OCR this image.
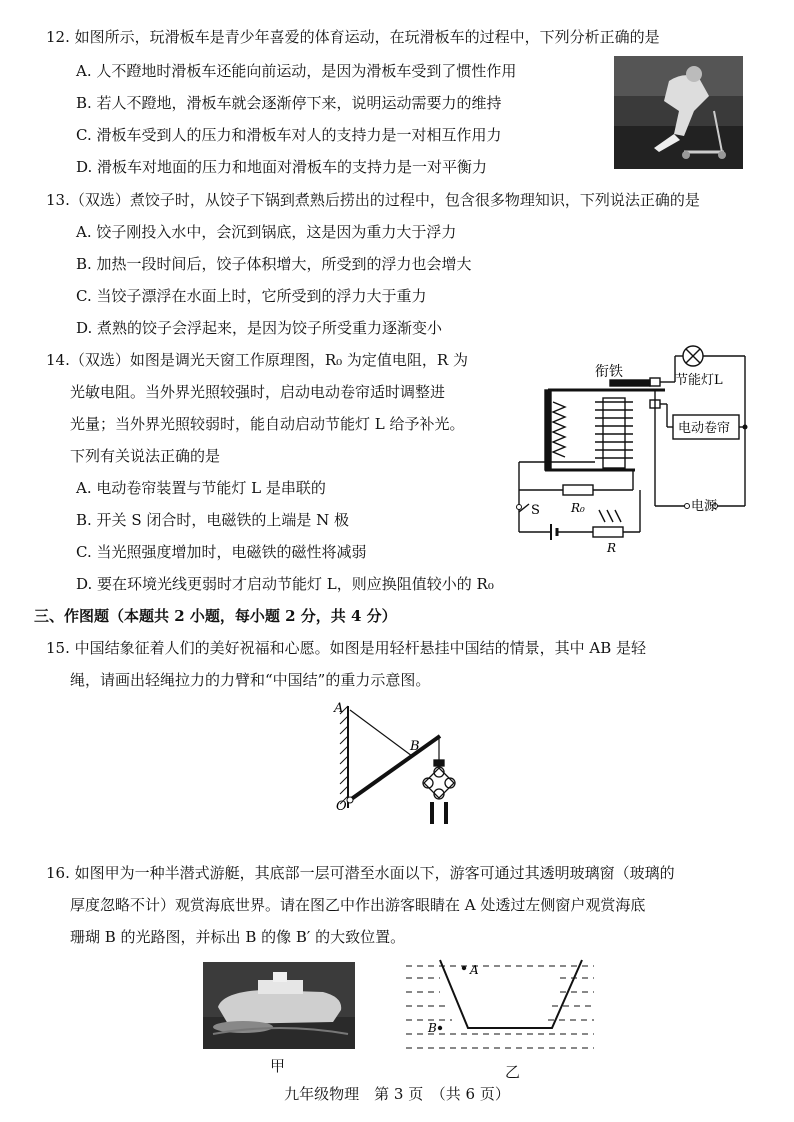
12. 如图所示，玩滑板车是青少年喜爱的体育运动，在玩滑板车的过程中，下列分析正确的是
A. 人不蹬地时滑板车还能向前运动，是因为滑板车受到了惯性作用
B. 若人不蹬地，滑板车就会逐渐停下来，说明运动需要力的维持
C. 滑板车受到人的压力和滑板车对人的支持力是一对相互作用力
D. 滑板车对地面的压力和地面对滑板车的支持力是一对平衡力
13.（双选）煮饺子时，从饺子下锅到煮熟后捞出的过程中，包含很多物理知识，下列说法正确的是
A. 饺子刚投入水中，会沉到锅底，这是因为重力大于浮力
B. 加热一段时间后，饺子体积增大，所受到的浮力也会增大
C. 当饺子漂浮在水面上时，它所受到的浮力大于重力
D. 煮熟的饺子会浮起来，是因为饺子所受重力逐渐变小
14.（双选）如图是调光天窗工作原理图，R₀ 为定值电阻，R 为
光敏电阻。当外界光照较强时，启动电动卷帘适时调整进
光量；当外界光照较弱时，能自动启动节能灯 L 给予补光。
下列有关说法正确的是
A. 电动卷帘装置与节能灯 L 是串联的
B. 开关 S 闭合时，电磁铁的上端是 N 极
C. 当光照强度增加时，电磁铁的磁性将减弱
D. 要在环境光线更弱时才启动节能灯 L，则应换阻值较小的 R₀
衔铁
节能灯L
电动卷帘
S	R₀
R
电源
三、作图题（本题共 2 小题，每小题 2 分，共 4 分）
15. 中国结象征着人们的美好祝福和心愿。如图是用轻杆悬挂中国结的情景，其中 AB 是轻
绳，请画出轻绳拉力的力臂和“中国结”的重力示意图。
A
B
O
16. 如图甲为一种半潜式游艇，其底部一层可潜至水面以下，游客可通过其透明玻璃窗（玻璃的
厚度忽略不计）观赏海底世界。请在图乙中作出游客眼睛在 A 处透过左侧窗户观赏海底
珊瑚 B 的光路图，并标出 B 的像 B′ 的大致位置。
甲
A
B
乙
九年级物理　第 3 页　（共 6 页）
